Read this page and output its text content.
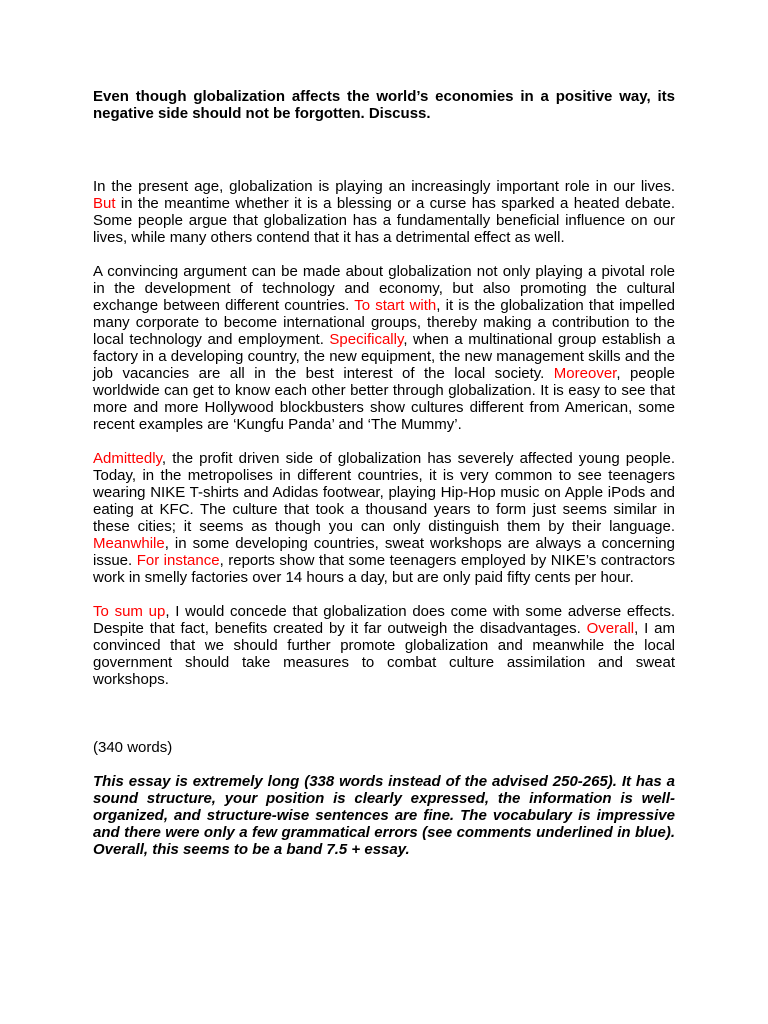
Even though globalization affects the world’s economies in a positive way, its negative side should not be forgotten. Discuss.

In the present age, globalization is playing an increasingly important role in our lives. But in the meantime whether it is a blessing or a curse has sparked a heated debate. Some people argue that globalization has a fundamentally beneficial influence on our lives, while many others contend that it has a detrimental effect as well.

A convincing argument can be made about globalization not only playing a pivotal role in the development of technology and economy, but also promoting the cultural exchange between different countries. To start with, it is the globalization that impelled many corporate to become international groups, thereby making a contribution to the local technology and employment. Specifically, when a multinational group establish a factory in a developing country, the new equipment, the new management skills and the job vacancies are all in the best interest of the local society. Moreover, people worldwide can get to know each other better through globalization. It is easy to see that more and more Hollywood blockbusters show cultures different from American, some recent examples are ‘Kungfu Panda’ and ‘The Mummy’.

Admittedly, the profit driven side of globalization has severely affected young people. Today, in the metropolises in different countries, it is very common to see teenagers wearing NIKE T-shirts and Adidas footwear, playing Hip-Hop music on Apple iPods and eating at KFC. The culture that took a thousand years to form just seems similar in these cities; it seems as though you can only distinguish them by their language. Meanwhile, in some developing countries, sweat workshops are always a concerning issue. For instance, reports show that some teenagers employed by NIKE’s contractors work in smelly factories over 14 hours a day, but are only paid fifty cents per hour.

To sum up, I would concede that globalization does come with some adverse effects. Despite that fact, benefits created by it far outweigh the disadvantages. Overall, I am convinced that we should further promote globalization and meanwhile the local government should take measures to combat culture assimilation and sweat workshops.

(340 words)

This essay is extremely long (338 words instead of the advised 250-265). It has a sound structure, your position is clearly expressed, the information is well-organized, and structure-wise sentences are fine. The vocabulary is impressive and there were only a few grammatical errors (see comments underlined in blue). Overall, this seems to be a band 7.5 + essay.
